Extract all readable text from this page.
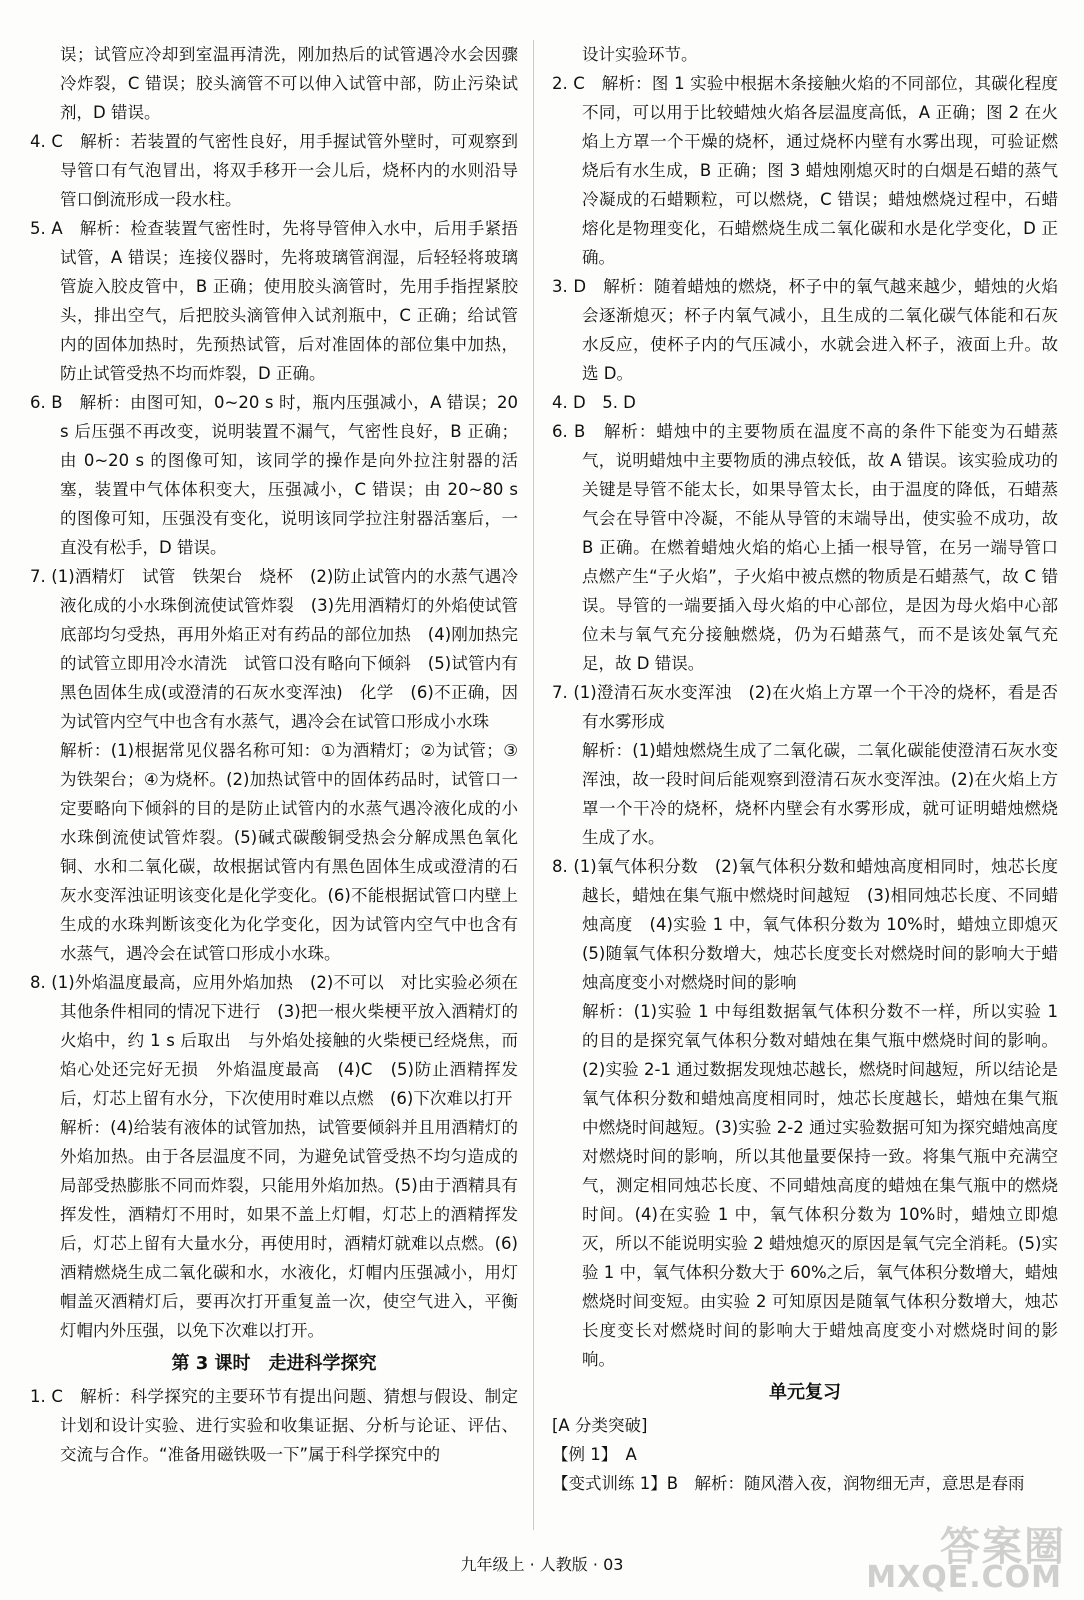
误；试管应冷却到室温再清洗，刚加热后的试管遇冷水会因骤冷炸裂，C 错误；胶头滴管不可以伸入试管中部，防止污染试剂，D 错误。

4. C　解析：若装置的气密性良好，用手握试管外壁时，可观察到导管口有气泡冒出，将双手移开一会儿后，烧杯内的水则沿导管口倒流形成一段水柱。

5. A　解析：检查装置气密性时，先将导管伸入水中，后用手紧捂试管，A 错误；连接仪器时，先将玻璃管润湿，后轻轻将玻璃管旋入胶皮管中，B 正确；使用胶头滴管时，先用手指捏紧胶头，排出空气，后把胶头滴管伸入试剂瓶中，C 正确；给试管内的固体加热时，先预热试管，后对准固体的部位集中加热，防止试管受热不均而炸裂，D 正确。

6. B　解析：由图可知，0~20 s 时，瓶内压强减小，A 错误；20 s 后压强不再改变，说明装置不漏气，气密性良好，B 正确；由 0~20 s 的图像可知，该同学的操作是向外拉注射器的活塞，装置中气体体积变大，压强减小，C 错误；由 20~80 s 的图像可知，压强没有变化，说明该同学拉注射器活塞后，一直没有松手，D 错误。

7. (1)酒精灯　试管　铁架台　烧杯　(2)防止试管内的水蒸气遇冷液化成的小水珠倒流使试管炸裂　(3)先用酒精灯的外焰使试管底部均匀受热，再用外焰正对有药品的部位加热　(4)刚加热完的试管立即用冷水清洗　试管口没有略向下倾斜　(5)试管内有黑色固体生成(或澄清的石灰水变浑浊)　化学　(6)不正确，因为试管内空气中也含有水蒸气，遇冷会在试管口形成小水珠

解析：(1)根据常见仪器名称可知：①为酒精灯；②为试管；③为铁架台；④为烧杯。(2)加热试管中的固体药品时，试管口一定要略向下倾斜的目的是防止试管内的水蒸气遇冷液化成的小水珠倒流使试管炸裂。(5)碱式碳酸铜受热会分解成黑色氧化铜、水和二氧化碳，故根据试管内有黑色固体生成或澄清的石灰水变浑浊证明该变化是化学变化。(6)不能根据试管口内壁上生成的水珠判断该变化为化学变化，因为试管内空气中也含有水蒸气，遇冷会在试管口形成小水珠。

8. (1)外焰温度最高，应用外焰加热　(2)不可以　对比实验必须在其他条件相同的情况下进行　(3)把一根火柴梗平放入酒精灯的火焰中，约 1 s 后取出　与外焰处接触的火柴梗已经烧焦，而焰心处还完好无损　外焰温度最高　(4)C　(5)防止酒精挥发后，灯芯上留有水分，下次使用时难以点燃　(6)下次难以打开

解析：(4)给装有液体的试管加热，试管要倾斜并且用酒精灯的外焰加热。由于各层温度不同，为避免试管受热不均匀造成的局部受热膨胀不同而炸裂，只能用外焰加热。(5)由于酒精具有挥发性，酒精灯不用时，如果不盖上灯帽，灯芯上的酒精挥发后，灯芯上留有大量水分，再使用时，酒精灯就难以点燃。(6)酒精燃烧生成二氧化碳和水，水液化，灯帽内压强减小，用灯帽盖灭酒精灯后，要再次打开重复盖一次，使空气进入，平衡灯帽内外压强，以免下次难以打开。

第 3 课时　走进科学探究

1. C　解析：科学探究的主要环节有提出问题、猜想与假设、制定计划和设计实验、进行实验和收集证据、分析与论证、评估、交流与合作。“准备用磁铁吸一下”属于科学探究中的

设计实验环节。

2. C　解析：图 1 实验中根据木条接触火焰的不同部位，其碳化程度不同，可以用于比较蜡烛火焰各层温度高低，A 正确；图 2 在火焰上方罩一个干燥的烧杯，通过烧杯内壁有水雾出现，可验证燃烧后有水生成，B 正确；图 3 蜡烛刚熄灭时的白烟是石蜡的蒸气冷凝成的石蜡颗粒，可以燃烧，C 错误；蜡烛燃烧过程中，石蜡熔化是物理变化，石蜡燃烧生成二氧化碳和水是化学变化，D 正确。

3. D　解析：随着蜡烛的燃烧，杯子中的氧气越来越少，蜡烛的火焰会逐渐熄灭；杯子内氧气减小，且生成的二氧化碳气体能和石灰水反应，使杯子内的气压减小，水就会进入杯子，液面上升。故选 D。

4. D　5. D

6. B　解析：蜡烛中的主要物质在温度不高的条件下能变为石蜡蒸气，说明蜡烛中主要物质的沸点较低，故 A 错误。该实验成功的关键是导管不能太长，如果导管太长，由于温度的降低，石蜡蒸气会在导管中冷凝，不能从导管的末端导出，使实验不成功，故 B 正确。在燃着蜡烛火焰的焰心上插一根导管，在另一端导管口点燃产生“子火焰”，子火焰中被点燃的物质是石蜡蒸气，故 C 错误。导管的一端要插入母火焰的中心部位，是因为母火焰中心部位未与氧气充分接触燃烧，仍为石蜡蒸气，而不是该处氧气充足，故 D 错误。

7. (1)澄清石灰水变浑浊　(2)在火焰上方罩一个干冷的烧杯，看是否有水雾形成

解析：(1)蜡烛燃烧生成了二氧化碳，二氧化碳能使澄清石灰水变浑浊，故一段时间后能观察到澄清石灰水变浑浊。(2)在火焰上方罩一个干冷的烧杯，烧杯内壁会有水雾形成，就可证明蜡烛燃烧生成了水。

8. (1)氧气体积分数　(2)氧气体积分数和蜡烛高度相同时，烛芯长度越长，蜡烛在集气瓶中燃烧时间越短　(3)相同烛芯长度、不同蜡烛高度　(4)实验 1 中，氧气体积分数为 10%时，蜡烛立即熄灭　(5)随氧气体积分数增大，烛芯长度变长对燃烧时间的影响大于蜡烛高度变小对燃烧时间的影响

解析：(1)实验 1 中每组数据氧气体积分数不一样，所以实验 1 的目的是探究氧气体积分数对蜡烛在集气瓶中燃烧时间的影响。(2)实验 2-1 通过数据发现烛芯越长，燃烧时间越短，所以结论是氧气体积分数和蜡烛高度相同时，烛芯长度越长，蜡烛在集气瓶中燃烧时间越短。(3)实验 2-2 通过实验数据可知为探究蜡烛高度对燃烧时间的影响，所以其他量要保持一致。将集气瓶中充满空气，测定相同烛芯长度、不同蜡烛高度的蜡烛在集气瓶中的燃烧时间。(4)在实验 1 中，氧气体积分数为 10%时，蜡烛立即熄灭，所以不能说明实验 2 蜡烛熄灭的原因是氧气完全消耗。(5)实验 1 中，氧气体积分数大于 60%之后，氧气体积分数增大，蜡烛燃烧时间变短。由实验 2 可知原因是随氧气体积分数增大，烛芯长度变长对燃烧时间的影响大于蜡烛高度变小对燃烧时间的影响。

单元复习

[A 分类突破]

【例 1】　A

【变式训练 1】B　解析：随风潜入夜，润物细无声，意思是春雨

九年级上 · 人教版 · 03	答案圈
MXQE.COM
